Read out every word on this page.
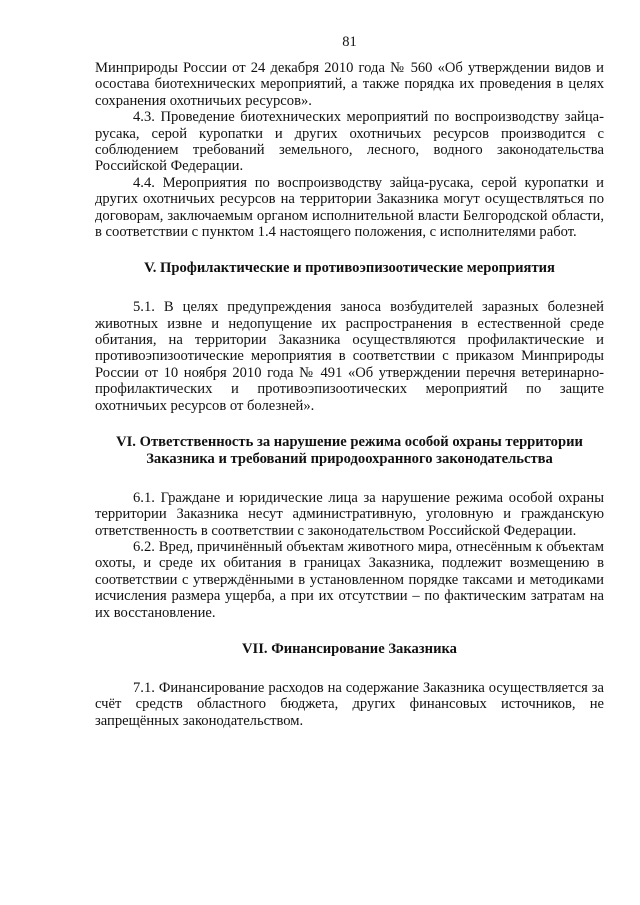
81

Минприроды России от 24 декабря 2010 года № 560 «Об утверждении видов и осостава биотехнических мероприятий, а также порядка их проведения в целях сохранения охотничьих ресурсов».

4.3. Проведение биотехнических мероприятий по воспроизводству зайца-русака, серой куропатки и других охотничьих ресурсов производится с соблюдением требований земельного, лесного, водного законодательства Российской Федерации.

4.4. Мероприятия по воспроизводству зайца-русака, серой куропатки и других охотничьих ресурсов на территории Заказника могут осуществляться по договорам, заключаемым органом исполнительной власти Белгородской области, в соответствии с пунктом 1.4 настоящего положения, с исполнителями работ.

V. Профилактические и противоэпизоотические мероприятия

5.1. В целях предупреждения заноса возбудителей заразных болезней животных извне и недопущение их распространения в естественной среде обитания, на территории Заказника осуществляются профилактические и противоэпизоотические мероприятия в соответствии с приказом Минприроды России от 10 ноября 2010 года № 491 «Об утверждении перечня ветеринарно-профилактических и противоэпизоотических мероприятий по защите охотничьих ресурсов от болезней».

VI. Ответственность за нарушение режима особой охраны территории
Заказника и требований природоохранного законодательства

6.1. Граждане и юридические лица за нарушение режима особой охраны территории Заказника несут административную, уголовную и гражданскую ответственность в соответствии с законодательством Российской Федерации.

6.2. Вред, причинённый объектам животного мира, отнесённым к объектам охоты, и среде их обитания в границах Заказника, подлежит возмещению в соответствии с утверждёнными в установленном порядке таксами и методиками исчисления размера ущерба, а при их отсутствии – по фактическим затратам на их восстановление.

VII. Финансирование Заказника

7.1. Финансирование расходов на содержание Заказника осуществляется за счёт средств областного бюджета, других финансовых источников, не запрещённых законодательством.
